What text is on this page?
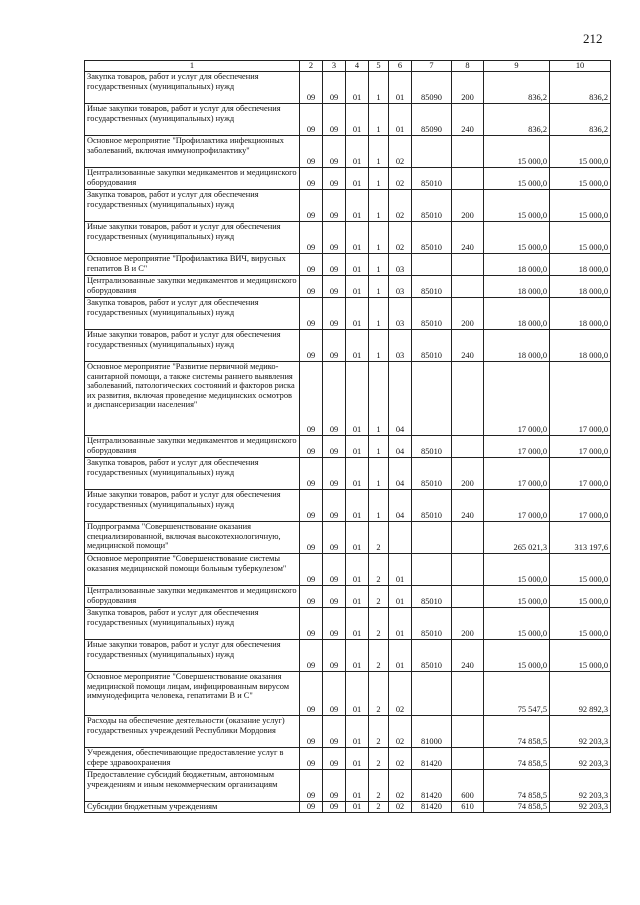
212
1	2	3	4	5	6	7	8	9	10
Закупка товаров, работ и услуг для обеспечения государственных (муниципальных) нужд	09	09	01	1	01	85090	200	836,2	836,2
Иные закупки товаров, работ и услуг для обеспечения государственных (муниципальных) нужд	09	09	01	1	01	85090	240	836,2	836,2
Основное мероприятие "Профилактика инфекционных заболеваний, включая иммунопрофилактику"	09	09	01	1	02			15 000,0	15 000,0
Централизованные закупки медикаментов и медицинского оборудования	09	09	01	1	02	85010		15 000,0	15 000,0
Закупка товаров, работ и услуг для обеспечения государственных (муниципальных) нужд	09	09	01	1	02	85010	200	15 000,0	15 000,0
Иные закупки товаров, работ и услуг для обеспечения государственных (муниципальных) нужд	09	09	01	1	02	85010	240	15 000,0	15 000,0
Основное мероприятие "Профилактика ВИЧ, вирусных гепатитов В и С"	09	09	01	1	03			18 000,0	18 000,0
Централизованные закупки медикаментов и медицинского оборудования	09	09	01	1	03	85010		18 000,0	18 000,0
Закупка товаров, работ и услуг для обеспечения государственных (муниципальных) нужд	09	09	01	1	03	85010	200	18 000,0	18 000,0
Иные закупки товаров, работ и услуг для обеспечения государственных (муниципальных) нужд	09	09	01	1	03	85010	240	18 000,0	18 000,0
Основное мероприятие "Развитие первичной медико-санитарной помощи, а также системы раннего выявления заболеваний, патологических состояний и факторов риска их развития, включая проведение медицинских осмотров и диспансеризации населения"	09	09	01	1	04			17 000,0	17 000,0
Централизованные закупки медикаментов и медицинского оборудования	09	09	01	1	04	85010		17 000,0	17 000,0
Закупка товаров, работ и услуг для обеспечения государственных (муниципальных) нужд	09	09	01	1	04	85010	200	17 000,0	17 000,0
Иные закупки товаров, работ и услуг для обеспечения государственных (муниципальных) нужд	09	09	01	1	04	85010	240	17 000,0	17 000,0
Подпрограмма "Совершенствование оказания специализированной, включая высокотехнологичную, медицинской помощи"	09	09	01	2				265 021,3	313 197,6
Основное мероприятие "Совершенствование системы оказания медицинской помощи больным туберкулезом"	09	09	01	2	01			15 000,0	15 000,0
Централизованные закупки медикаментов и медицинского оборудования	09	09	01	2	01	85010		15 000,0	15 000,0
Закупка товаров, работ и услуг для обеспечения государственных (муниципальных) нужд	09	09	01	2	01	85010	200	15 000,0	15 000,0
Иные закупки товаров, работ и услуг для обеспечения государственных (муниципальных) нужд	09	09	01	2	01	85010	240	15 000,0	15 000,0
Основное мероприятие "Совершенствование оказания медицинской помощи лицам, инфицированным вирусом иммунодефицита человека, гепатитами В и С"	09	09	01	2	02			75 547,5	92 892,3
Расходы на обеспечение деятельности (оказание услуг) государственных учреждений Республики Мордовия	09	09	01	2	02	81000		74 858,5	92 203,3
Учреждения, обеспечивающие предоставление услуг в сфере здравоохранения	09	09	01	2	02	81420		74 858,5	92 203,3
Предоставление субсидий бюджетным, автономным учреждениям и иным некоммерческим организациям	09	09	01	2	02	81420	600	74 858,5	92 203,3
Субсидии бюджетным учреждениям	09	09	01	2	02	81420	610	74 858,5	92 203,3
